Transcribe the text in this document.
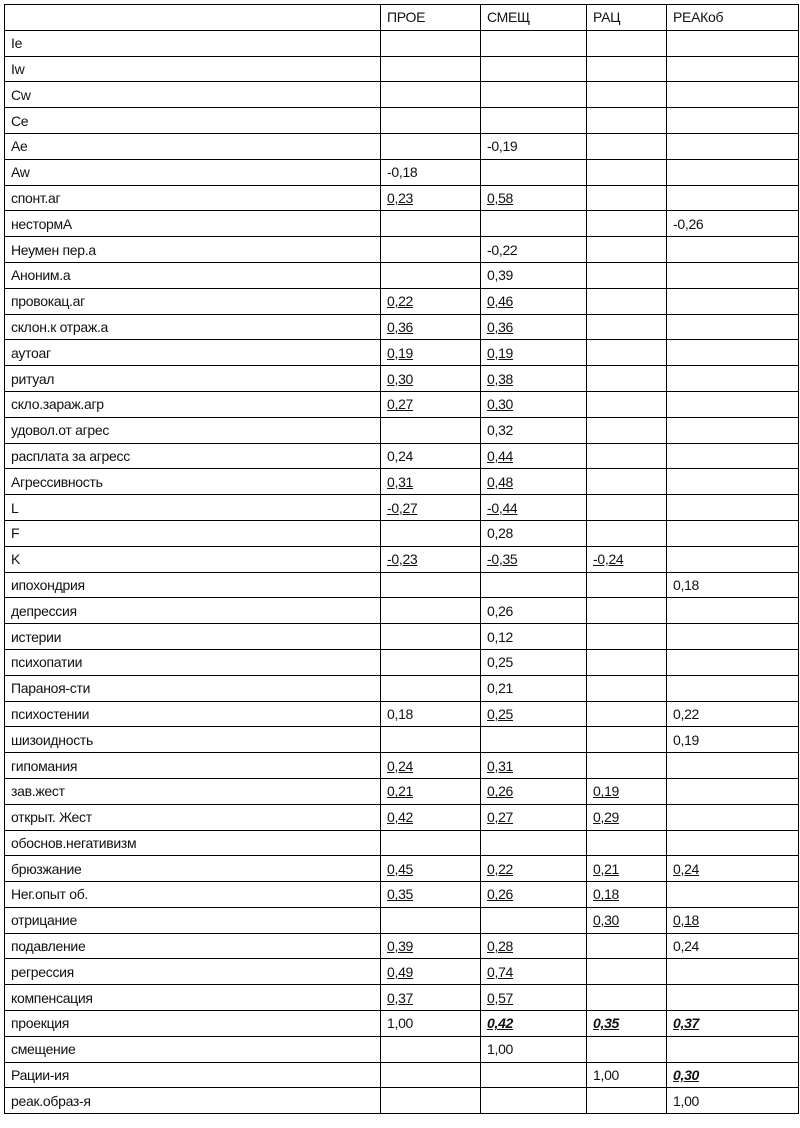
	ПРОЕ	СМЕЩ	РАЦ	РЕАКоб
Ie				
Iw				
Cw				
Ce				
Ae		-0,19		
Aw	-0,18			
спонт.аг	0,23	0,58		
нестормА				-0,26
Неумен пер.а		-0,22		
Аноним.а		0,39		
провокац.аг	0,22	0,46		
склон.к отраж.а	0,36	0,36		
аутоаг	0,19	0,19		
ритуал	0,30	0,38		
скло.зараж.агр	0,27	0,30		
удовол.от агрес		0,32		
расплата за агресс	0,24	0,44		
Агрессивность	0,31	0,48		
L	-0,27	-0,44		
F		0,28		
K	-0,23	-0,35	-0,24	
ипохондрия				0,18
депрессия		0,26		
истерии		0,12		
психопатии		0,25		
Параноя-сти		0,21		
психостении	0,18	0,25		0,22
шизоидность				0,19
гипомания	0,24	0,31		
зав.жест	0,21	0,26	0,19	
открыт. Жест	0,42	0,27	0,29	
обоснов.негативизм				
брюзжание	0,45	0,22	0,21	0,24
Нег.опыт об.	0,35	0,26	0,18	
отрицание			0,30	0,18
подавление	0,39	0,28		0,24
регрессия	0,49	0,74		
компенсация	0,37	0,57		
проекция	1,00	0,42	0,35	0,37
смещение		1,00		
Рации-ия			1,00	0,30
реак.образ-я				1,00
